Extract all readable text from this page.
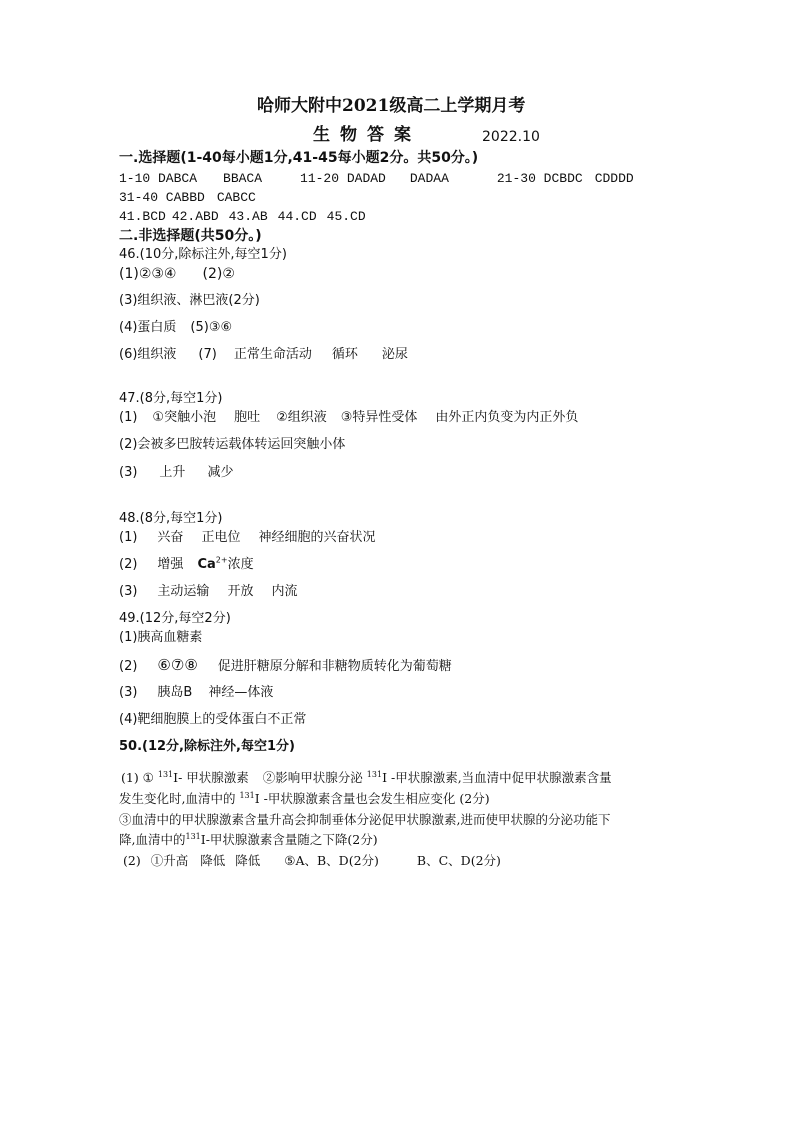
哈师大附中2021级高二上学期月考
生物答案	2022.10
一.选择题(1-40每小题1分,41-45每小题2分。共50分。)
1-10 DABCA BBACA	11-20 DADAD DADAA	21-30 DCBDC CDDDD
31-40 CABBD CABCC
41.BCD 42.ABD 43.AB 44.CD 45.CD
二.非选择题(共50分。)
46.(10分,除标注外,每空1分)
(1)②③④ (2)②
(3)组织液、淋巴液(2分)
(4)蛋白质 (5)③⑥
(6)组织液 (7) 正常生命活动 循环 泌尿
47.(8分,每空1分)
(1) ①突触小泡 胞吐 ②组织液 ③特异性受体 由外正内负变为内正外负
(2)会被多巴胺转运载体转运回突触小体
(3) 上升 减少
48.(8分,每空1分)
(1) 兴奋 正电位 神经细胞的兴奋状况
(2) 增强 $Ca^{2+}$浓度
(3) 主动运输 开放 内流
49.(12分,每空2分)
(1)胰高血糖素
(2) ⑥⑦⑧ 促进肝糖原分解和非糖物质转化为葡萄糖
(3) 胰岛B 神经—体液
(4)靶细胞膜上的受体蛋白不正常
50.(12分,除标注外,每空1分)
(1) ① $^{131}$I- 甲状腺激素 ②影响甲状腺分泌 $^{131}$I -甲状腺激素,当血清中促甲状腺激素含量
发生变化时,血清中的 $^{131}$I -甲状腺激素含量也会发生相应变化 (2分)
③血清中的甲状腺激素含量升高会抑制垂体分泌促甲状腺激素,进而使甲状腺的分泌功能下
降,血清中的$^{131}$I-甲状腺激素含量随之下降(2分)
(2) ①升高 降低 降低 ⑤A、B、D(2分)	B、C、D(2分)
